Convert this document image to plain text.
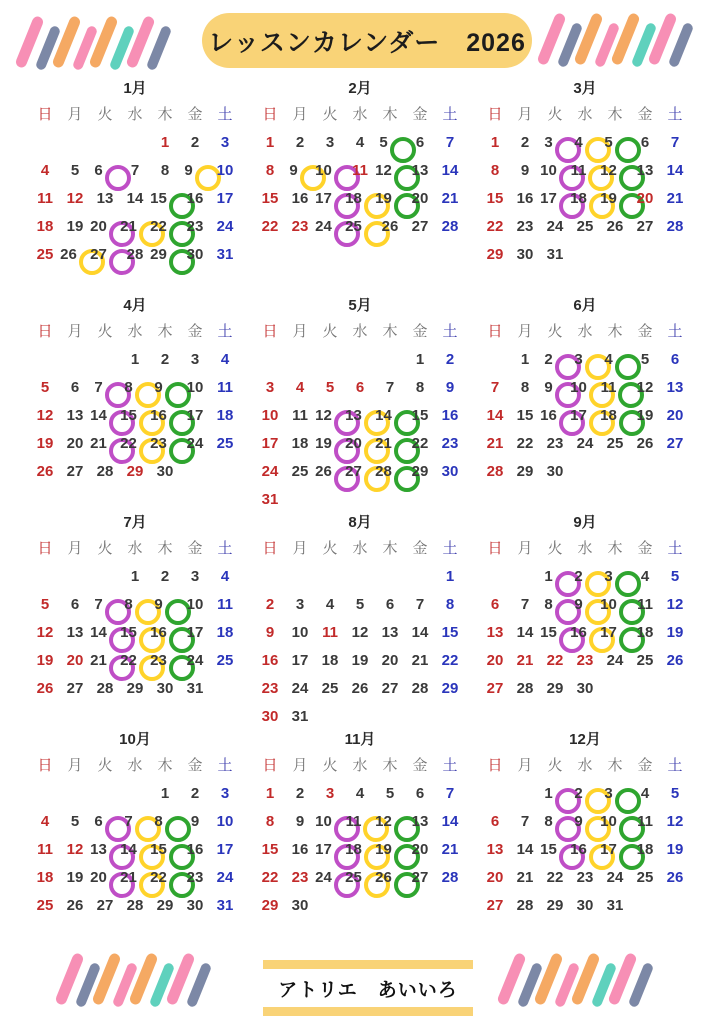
レッスンカレンダー　2026
1月
日 月 火 水 木 金 土
1 2 3
4 5 6 7 8 9 10
11 12 13 14 15 16 17
18 19 20 21 22 23 24
25 26 27 28 29 30 31
2月
日 月 火 水 木 金 土
1 2 3 4 5 6 7
8 9 10 11 12 13 14
15 16 17 18 19 20 21
22 23 24 25 26 27 28
3月
日 月 火 水 木 金 土
1 2 3 4 5 6 7
8 9 10 11 12 13 14
15 16 17 18 19 20 21
22 23 24 25 26 27 28
29 30 31
4月
日 月 火 水 木 金 土
1 2 3 4
5 6 7 8 9 10 11
12 13 14 15 16 17 18
19 20 21 22 23 24 25
26 27 28 29 30
5月
日 月 火 水 木 金 土
1 2
3 4 5 6 7 8 9
10 11 12 13 14 15 16
17 18 19 20 21 22 23
24 25 26 27 28 29 30
31
6月
日 月 火 水 木 金 土
1 2 3 4 5 6
7 8 9 10 11 12 13
14 15 16 17 18 19 20
21 22 23 24 25 26 27
28 29 30
7月
日 月 火 水 木 金 土
1 2 3 4
5 6 7 8 9 10 11
12 13 14 15 16 17 18
19 20 21 22 23 24 25
26 27 28 29 30 31
8月
日 月 火 水 木 金 土
1
2 3 4 5 6 7 8
9 10 11 12 13 14 15
16 17 18 19 20 21 22
23 24 25 26 27 28 29
30 31
9月
日 月 火 水 木 金 土
1 2 3 4 5
6 7 8 9 10 11 12
13 14 15 16 17 18 19
20 21 22 23 24 25 26
27 28 29 30
10月
日 月 火 水 木 金 土
1 2 3
4 5 6 7 8 9 10
11 12 13 14 15 16 17
18 19 20 21 22 23 24
25 26 27 28 29 30 31
11月
日 月 火 水 木 金 土
1 2 3 4 5 6 7
8 9 10 11 12 13 14
15 16 17 18 19 20 21
22 23 24 25 26 27 28
29 30
12月
日 月 火 水 木 金 土
1 2 3 4 5
6 7 8 9 10 11 12
13 14 15 16 17 18 19
20 21 22 23 24 25 26
27 28 29 30 31
アトリエ　あいいろ
